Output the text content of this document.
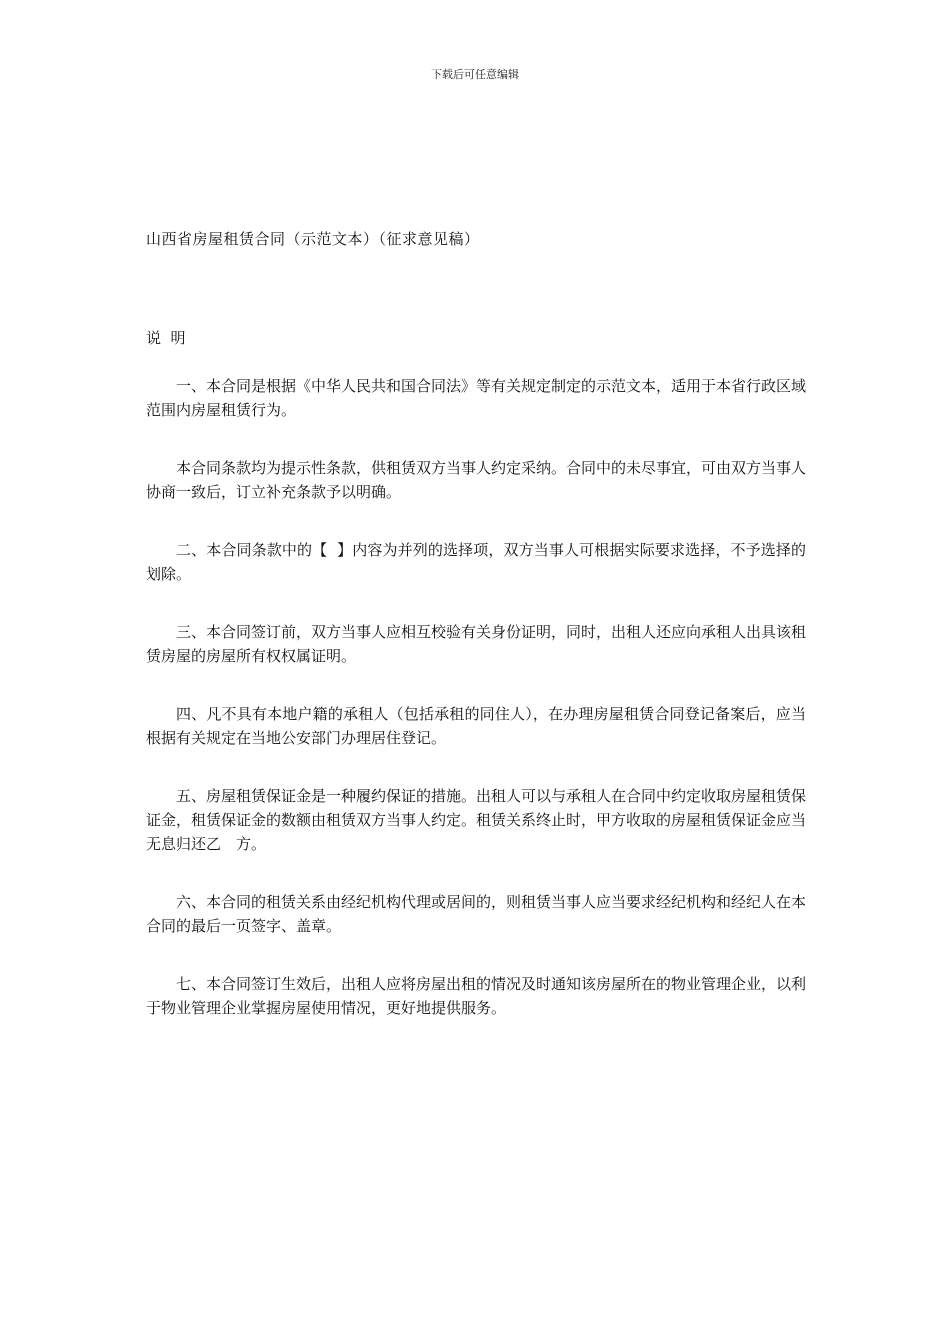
下载后可任意编辑
山西省房屋租赁合同（示范文本）（征求意见稿）
说  明

一、本合同是根据《中华人民共和国合同法》等有关规定制定的示范文本，适用于本省行政区域范围内房屋租赁行为。

本合同条款均为提示性条款，供租赁双方当事人约定采纳。合同中的未尽事宜，可由双方当事人协商一致后，订立补充条款予以明确。

二、本合同条款中的【  】内容为并列的选择项，双方当事人可根据实际要求选择，不予选择的划除。

三、本合同签订前，双方当事人应相互校验有关身份证明，同时，出租人还应向承租人出具该租赁房屋的房屋所有权权属证明。

四、凡不具有本地户籍的承租人（包括承租的同住人），在办理房屋租赁合同登记备案后，应当根据有关规定在当地公安部门办理居住登记。

五、房屋租赁保证金是一种履约保证的措施。出租人可以与承租人在合同中约定收取房屋租赁保证金，租赁保证金的数额由租赁双方当事人约定。租赁关系终止时，甲方收取的房屋租赁保证金应当无息归还乙　方。

六、本合同的租赁关系由经纪机构代理或居间的，则租赁当事人应当要求经纪机构和经纪人在本合同的最后一页签字、盖章。

七、本合同签订生效后，出租人应将房屋出租的情况及时通知该房屋所在的物业管理企业，以利于物业管理企业掌握房屋使用情况，更好地提供服务。
